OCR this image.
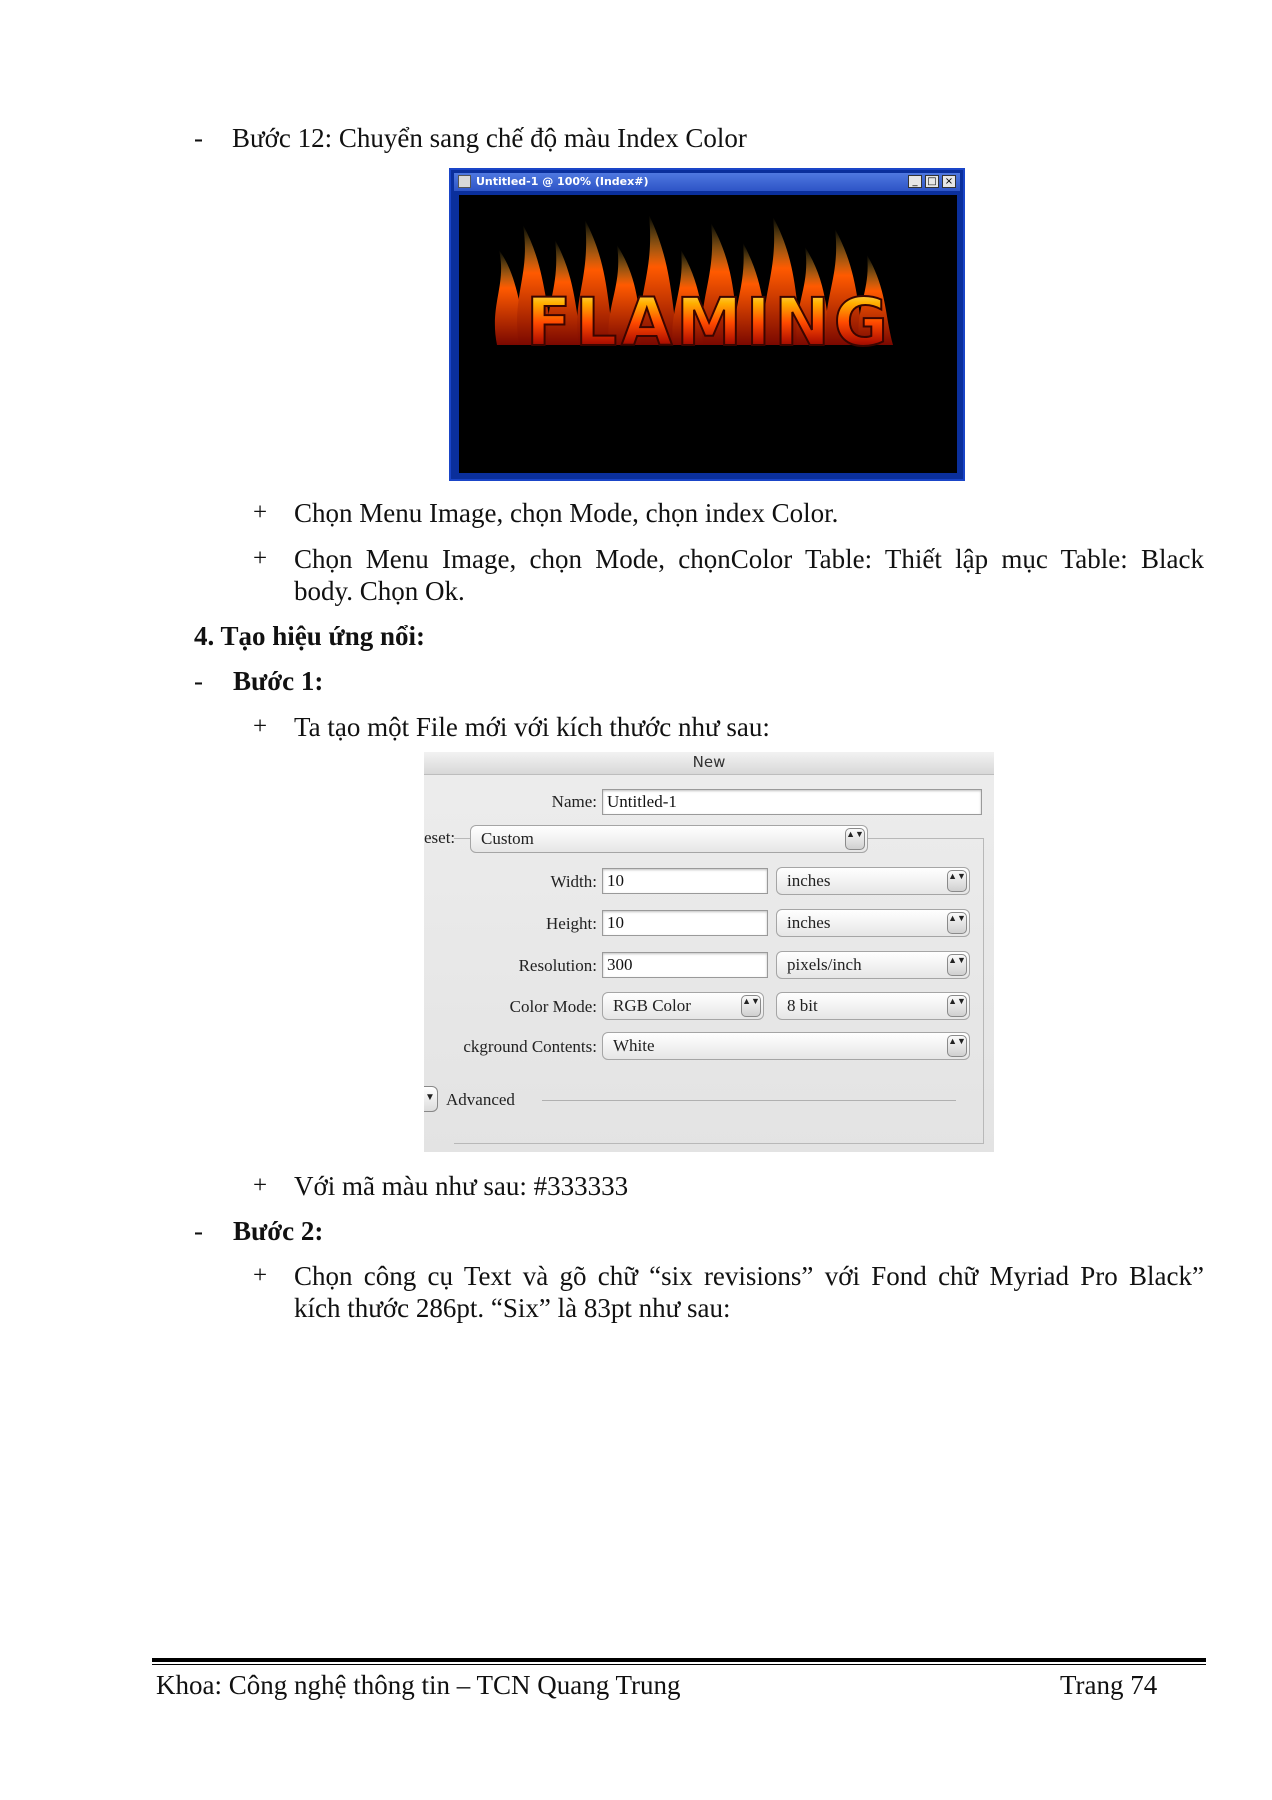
- Bước 12: Chuyển sang chế độ màu Index Color
Untitled-1 @ 100% (Index#)	_ □ ×
FLAMING
+ Chọn Menu Image, chọn Mode, chọn index Color.
+ Chọn Menu Image, chọn Mode, chọnColor Table: Thiết lập mục Table: Black
body. Chọn Ok.
4. Tạo hiệu ứng nổi:
- Bước 1:
+ Ta tạo một File mới với kích thước như sau:
New
Name: Untitled-1
eset:	Custom	▲▼
Width: 10	inches	▲▼
Height: 10	inches	▲▼
Resolution: 300	pixels/inch	▲▼
Color Mode: RGB Color	▲▼	8 bit	▲▼
ckground Contents: White	▲▼
▼ Advanced
+ Với mã màu như sau: #333333
- Bước 2:
+ Chọn công cụ Text và gõ chữ “six revisions” với Fond chữ Myriad Pro Black”
kích thước 286pt. “Six” là 83pt như sau:
Khoa: Công nghệ thông tin – TCN Quang Trung	Trang 74
